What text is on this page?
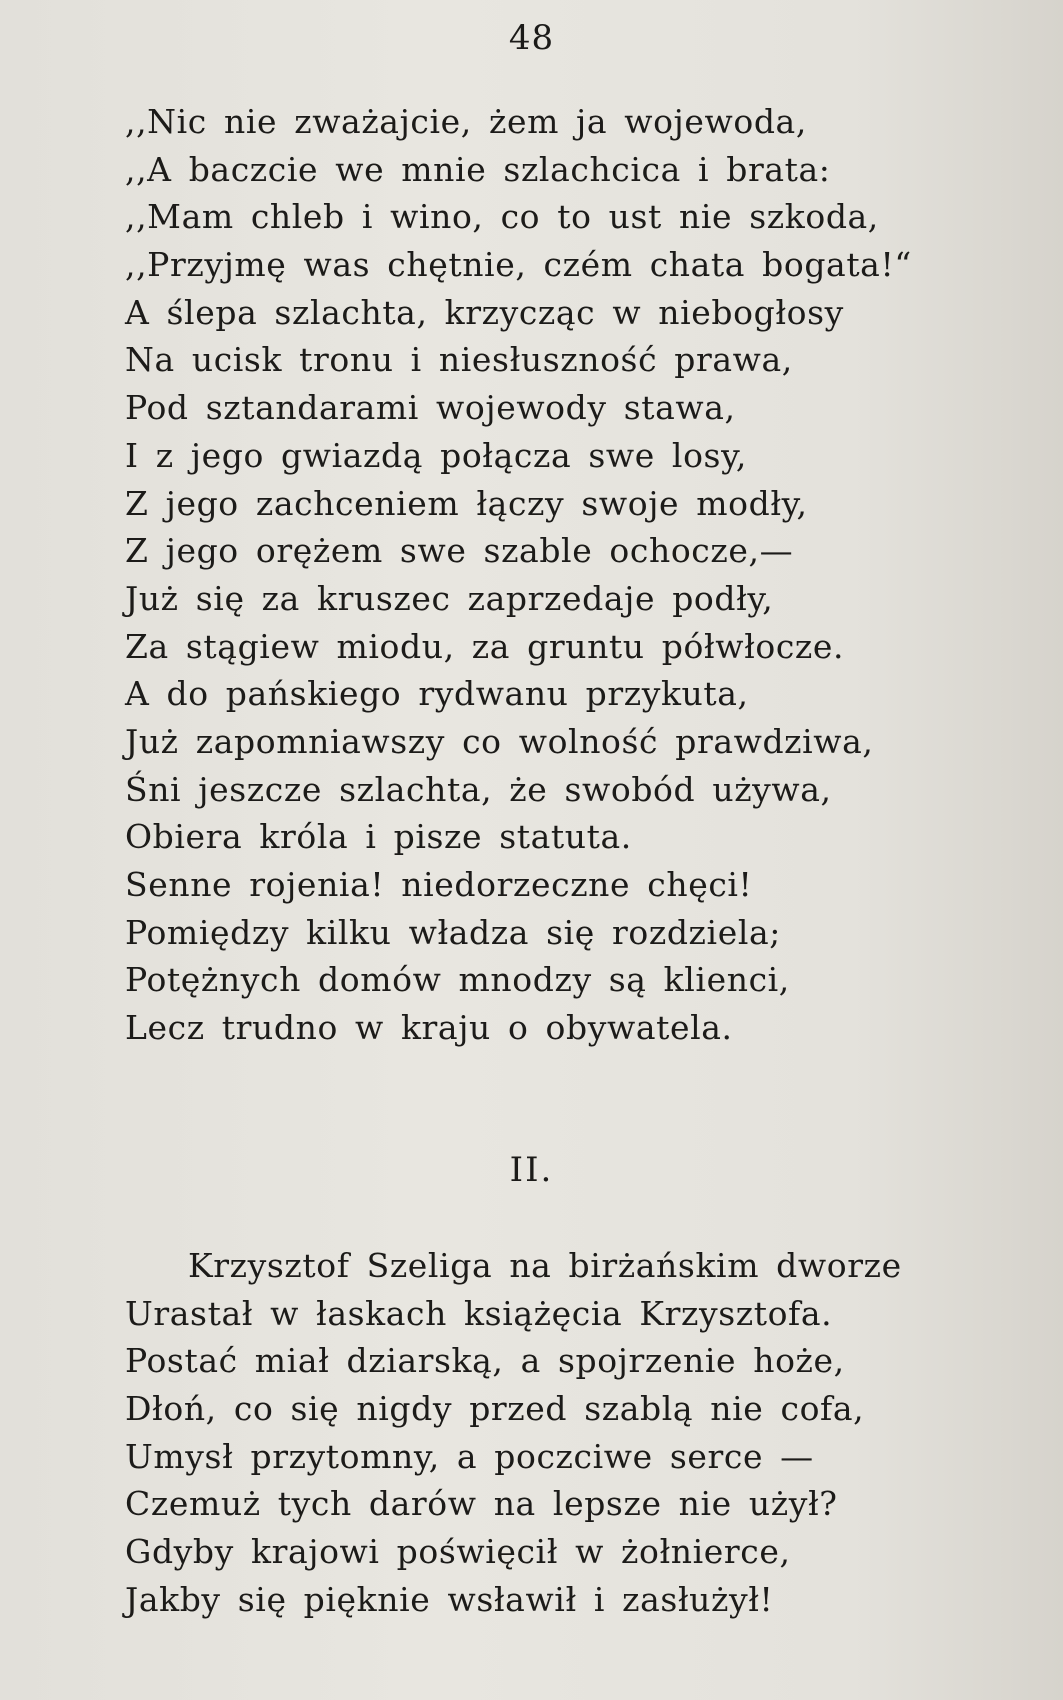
48
,,Nic nie zważajcie, żem ja wojewoda,
,,A baczcie we mnie szlachcica i brata:
,,Mam chleb i wino, co to ust nie szkoda,
,,Przyjmę was chętnie, czém chata bogata!“
A ślepa szlachta, krzycząc w niebogłosy
Na ucisk tronu i niesłuszność prawa,
Pod sztandarami wojewody stawa,
I z jego gwiazdą połącza swe losy,
Z jego zachceniem łączy swoje modły,
Z jego orężem swe szable ochocze,—
Już się za kruszec zaprzedaje podły,
Za stągiew miodu, za gruntu półwłocze.
A do pańskiego rydwanu przykuta,
Już zapomniawszy co wolność prawdziwa,
Śni jeszcze szlachta, że swobód używa,
Obiera króla i pisze statuta.
Senne rojenia! niedorzeczne chęci!
Pomiędzy kilku władza się rozdziela;
Potężnych domów mnodzy są klienci,
Lecz trudno w kraju o obywatela.
II.
Krzysztof Szeliga na birżańskim dworze
Urastał w łaskach książęcia Krzysztofa.
Postać miał dziarską, a spojrzenie hoże,
Dłoń, co się nigdy przed szablą nie cofa,
Umysł przytomny, a poczciwe serce —
Czemuż tych darów na lepsze nie użył?
Gdyby krajowi poświęcił w żołnierce,
Jakby się pięknie wsławił i zasłużył!
